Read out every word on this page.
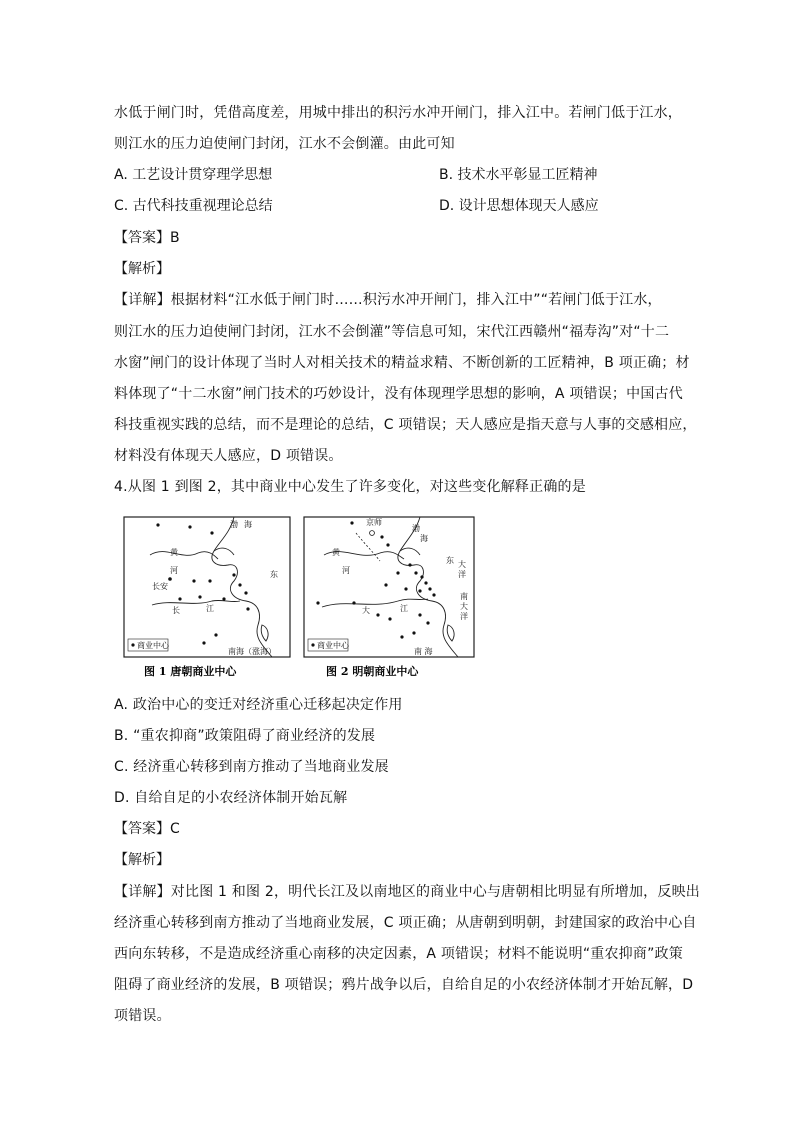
水低于闸门时，凭借高度差，用城中排出的积污水冲开闸门，排入江中。若闸门低于江水，
则江水的压力迫使闸门封闭，江水不会倒灌。由此可知
A. 工艺设计贯穿理学思想	B. 技术水平彰显工匠精神
C. 古代科技重视理论总结	D. 设计思想体现天人感应
【答案】B
【解析】
【详解】根据材料“江水低于闸门时……积污水冲开闸门，排入江中”“若闸门低于江水，
则江水的压力迫使闸门封闭，江水不会倒灌”等信息可知，宋代江西赣州“福寿沟”对“十二
水窗”闸门的设计体现了当时人对相关技术的精益求精、不断创新的工匠精神，B 项正确；材
料体现了“十二水窗”闸门技术的巧妙设计，没有体现理学思想的影响，A 项错误；中国古代
科技重视实践的总结，而不是理论的总结，C 项错误；天人感应是指天意与人事的交感相应，
材料没有体现天人感应，D 项错误。
4.从图 1 到图 2，其中商业中心发生了许多变化，对这些变化解释正确的是
商业中心
渤 海
黄
河
长安
东
长	江
南海（涨海）
图 1 唐朝商业中心
商业中心
京师
渤
海
黄
河
东 大
洋
大	江
南
大
洋
南 海
图 2 明朝商业中心
A. 政治中心的变迁对经济重心迁移起决定作用
B. “重农抑商”政策阻碍了商业经济的发展
C. 经济重心转移到南方推动了当地商业发展
D. 自给自足的小农经济体制开始瓦解
【答案】C
【解析】
【详解】对比图 1 和图 2，明代长江及以南地区的商业中心与唐朝相比明显有所增加，反映出
经济重心转移到南方推动了当地商业发展，C 项正确；从唐朝到明朝，封建国家的政治中心自
西向东转移，不是造成经济重心南移的决定因素，A 项错误；材料不能说明“重农抑商”政策
阻碍了商业经济的发展，B 项错误；鸦片战争以后，自给自足的小农经济体制才开始瓦解，D
项错误。
